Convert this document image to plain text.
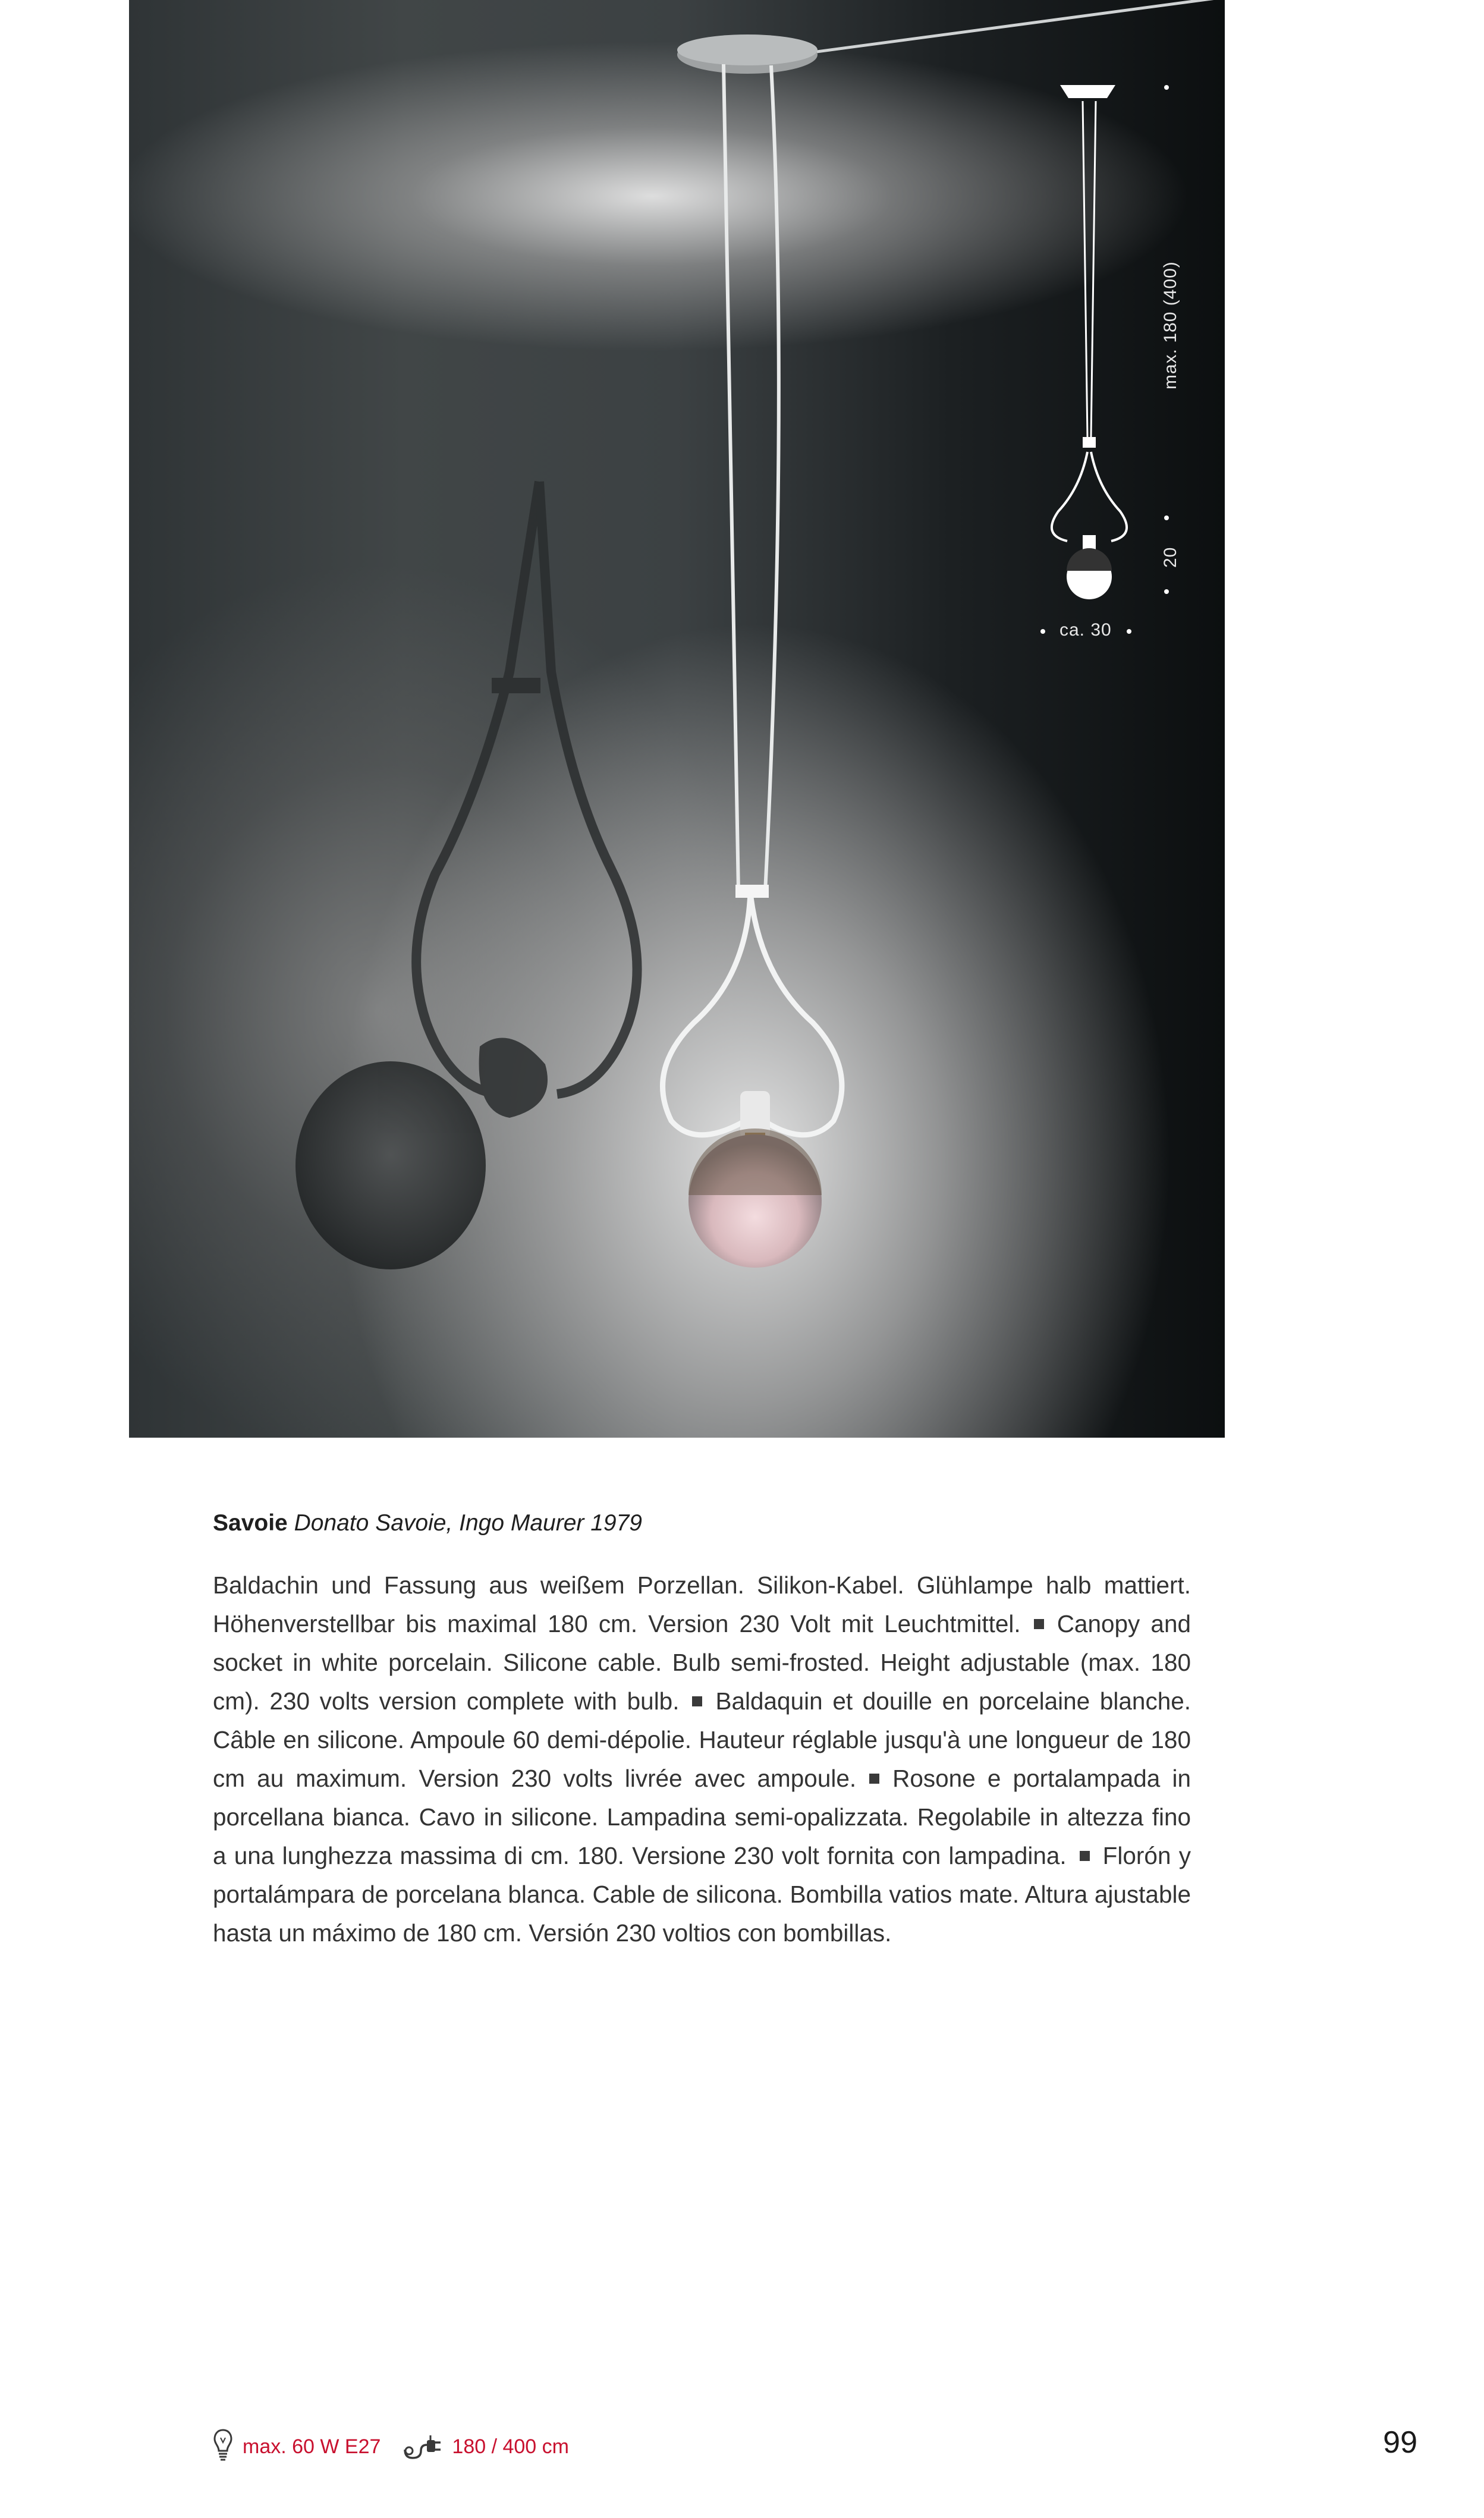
max. 180 (400)
20
ca. 30
Savoie Donato Savoie, Ingo Maurer 1979
Baldachin und Fassung aus weißem Porzellan. Silikon-Kabel. Glühlampe halb mattiert. Höhenverstellbar bis maximal 180 cm. Version 230 Volt mit Leuchtmittel. Canopy and socket in white porcelain. Silicone cable. Bulb semi-frosted. Height adjustable (max. 180 cm). 230 volts version complete with bulb. Baldaquin et douille en porcelaine blanche. Câble en silicone. Ampoule 60 demi-dépolie. Hauteur réglable jusqu'à une longueur de 180 cm au maximum. Version 230 volts livrée avec ampoule. Rosone e portalampada in porcellana bianca. Cavo in silicone. Lampadina semi-opalizzata. Regolabile in altezza fino a una lunghezza massima di cm. 180. Versione 230 volt fornita con lampadina. Florón y portalámpara de porcelana blanca. Cable de silicona. Bombilla vatios mate. Altura ajustable hasta un máximo de 180 cm. Versión 230 voltios con bombillas.
max. 60 W E27	180 / 400 cm	99
